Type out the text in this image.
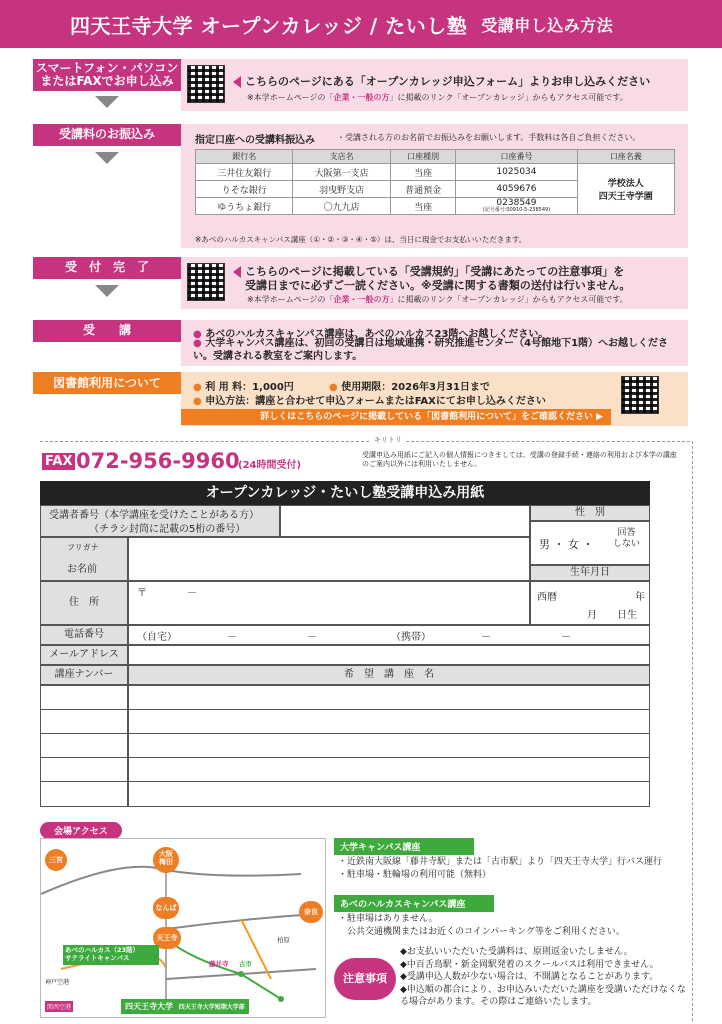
四天王寺大学 オープンカレッジ / たいし塾 受講申し込み方法
スマートフォン・パソコン
またはFAXでお申し込み	こちらのページにある「オープンカレッジ申込フォーム」よりお申し込みください
※本学ホームページの「企業・一般の方」に掲載のリンク「オープンカレッジ」からもアクセス可能です。
受講料のお振込み	指定口座への受講料振込み	・受講される方のお名前でお振込みをお願いします。手数料は各自ご負担ください。
銀行名	支店名	口座種別	口座番号	口座名義
三井住友銀行	大阪第一支店	当座	1025034	学校法人
四天王寺学園
りそな銀行	羽曳野支店	普通預金	4059676	
ゆうちょ銀行	〇九九店	当座	0238549
(記号番号:00910-5-238549)	
※あべのハルカスキャンパス講座（①・②・③・④・⑤）は、当日に現金でお支払いいただきます。
受　付　完　了	こちらのページに掲載している「受講規約」「受講にあたっての注意事項」を
受講日までに必ずご一読ください。※受講に関する書類の送付は行いません。
※本学ホームページの「企業・一般の方」に掲載のリンク「オープンカレッジ」からもアクセス可能です。
受　　講	● あべのハルカスキャンパス講座は、あべのハルカス23階へお越しください。
● 大学キャンパス講座は、初回の受講日は地域連携・研究推進センター（4号館地下1階）へお越しください。受講される教室をご案内します。
図書館利用について	● 利 用 料：1,000円	● 使用期限：2026年3月31日まで
● 申込方法：講座と合わせて申込フォームまたはFAXにてお申し込みください
詳しくはこちらのページに掲載している「図書館利用について」をご確認ください ▶
キリトリ
FAX 072-956-9960
(24時間受付)
受講申込み用紙にご記入の個人情報につきましては、受講の登録手続・連絡の利用および本学の講座のご案内以外には利用いたしません。
オープンカレッジ・たいし塾受講申込み用紙
受講者番号（本学講座を受けたことがある方）
（チラシ封筒に記載の5桁の番号）
性　別
男 ・ 女 ・
回答
しない
フリガナ
お名前
住　所
〒　　　　－
生年月日
西暦	年
月　　日生
電話番号	（自宅）	－	－	（携帯）	－	－
メールアドレス
講座ナンバー	希　望　講　座　名
会場アクセス
三宮
大阪
梅田
なんば
天王寺
奈良
神戸空港
関西空港
あべのハルカス（23階）
サテライトキャンパス
古市
藤井寺
柏原
四天王寺大学 四天王寺大学短期大学部
大学キャンパス講座
・近鉄南大阪線「藤井寺駅」または「古市駅」より「四天王寺大学」行バス運行
・駐車場・駐輪場の利用可能（無料）
あべのハルカスキャンパス講座
・駐車場はありません。
　公共交通機関またはお近くのコインパーキング等をご利用ください。
注意事項
◆お支払いいただいた受講料は、原則返金いたしません。
◆中百舌鳥駅・新金岡駅発着のスクールバスは利用できません。
◆受講申込人数が少ない場合は、不開講となることがあります。
◆申込順の都合により、お申込みいただいた講座を受講いただけなくなる場合があります。その際はご連絡いたします。
